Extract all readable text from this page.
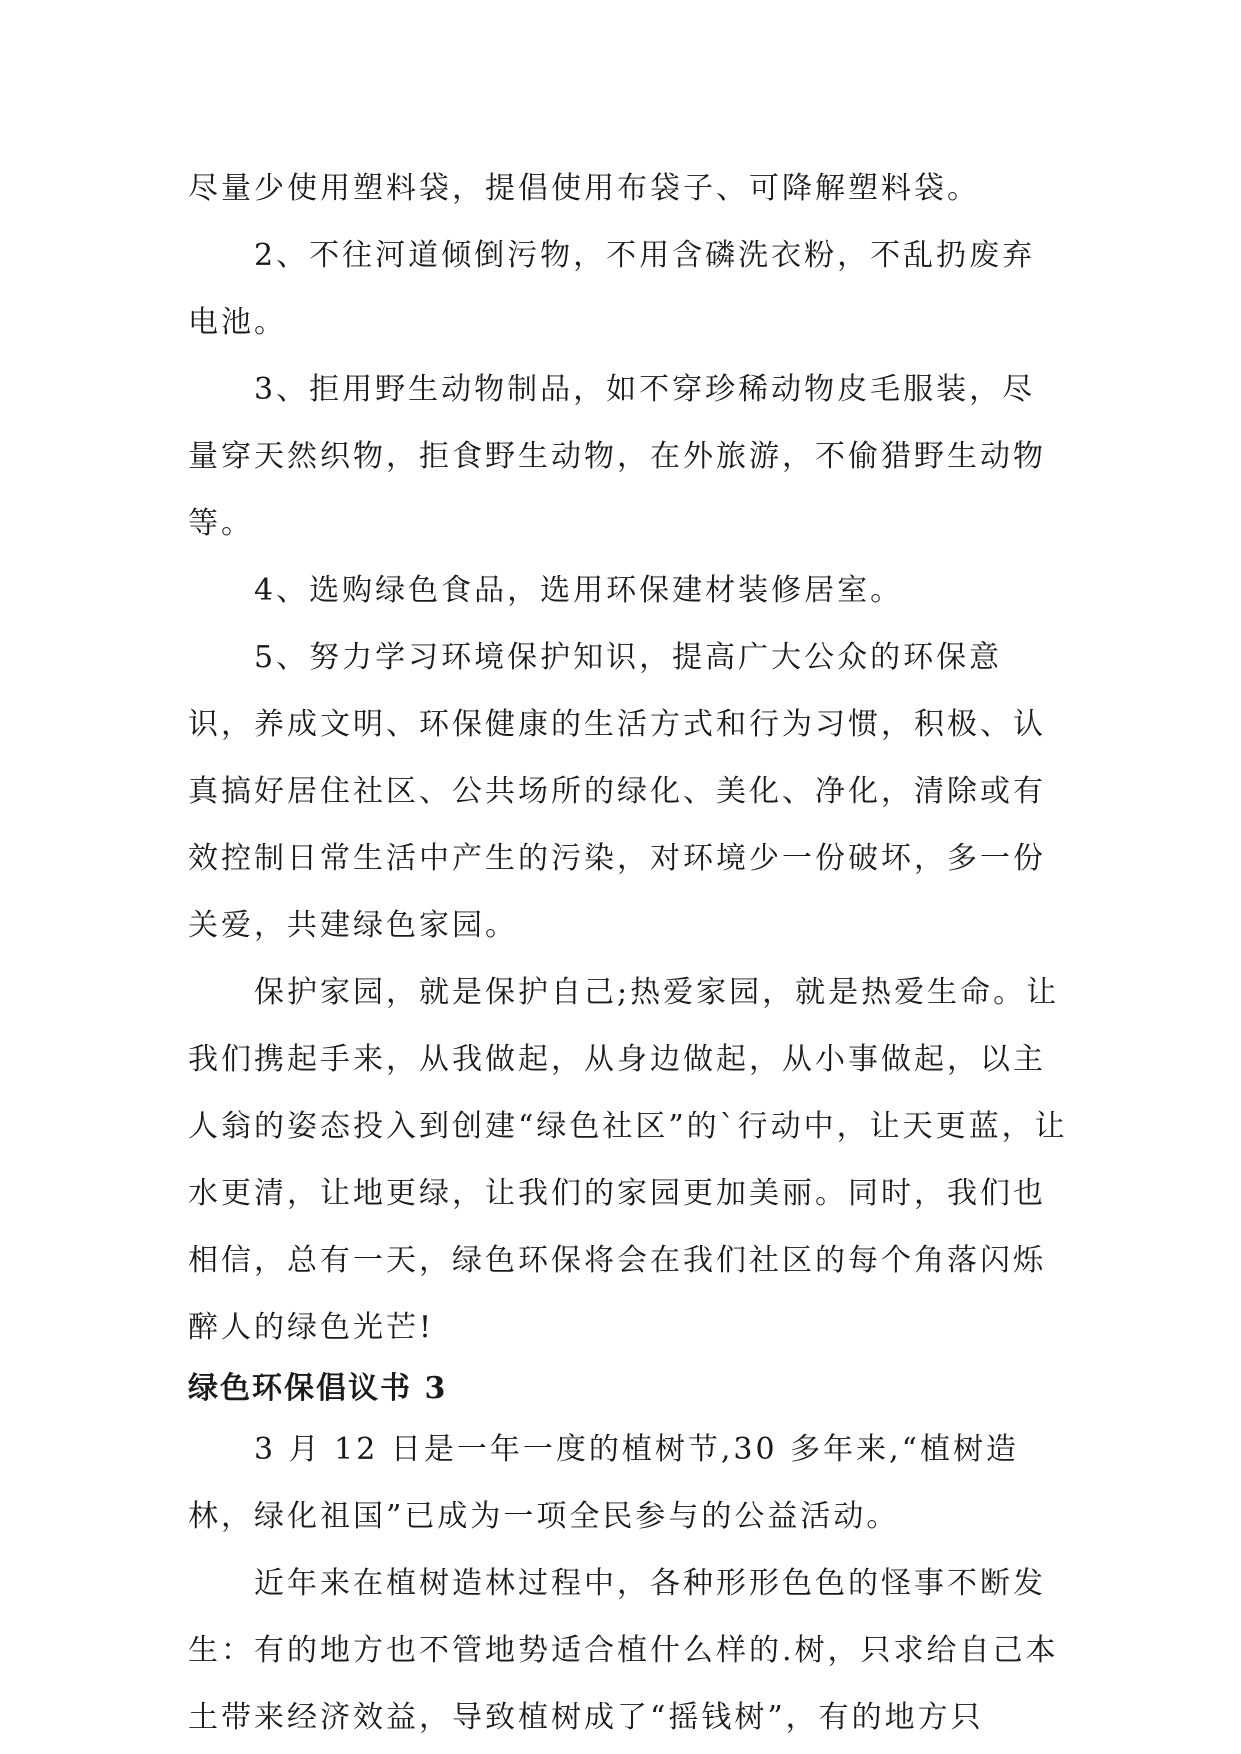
尽量少使用塑料袋，提倡使用布袋子、可降解塑料袋。

2、不往河道倾倒污物，不用含磷洗衣粉，不乱扔废弃电池。

3、拒用野生动物制品，如不穿珍稀动物皮毛服装，尽量穿天然织物，拒食野生动物，在外旅游，不偷猎野生动物等。

4、选购绿色食品，选用环保建材装修居室。

5、努力学习环境保护知识，提高广大公众的环保意识，养成文明、环保健康的生活方式和行为习惯，积极、认真搞好居住社区、公共场所的绿化、美化、净化，清除或有效控制日常生活中产生的污染，对环境少一份破坏，多一份关爱，共建绿色家园。

保护家园，就是保护自己;热爱家园，就是热爱生命。让我们携起手来，从我做起，从身边做起，从小事做起，以主人翁的姿态投入到创建“绿色社区”的`行动中，让天更蓝，让水更清，让地更绿，让我们的家园更加美丽。同时，我们也相信，总有一天，绿色环保将会在我们社区的每个角落闪烁醉人的绿色光芒!

绿色环保倡议书 3

3 月 12 日是一年一度的植树节,30 多年来,“植树造林，绿化祖国”已成为一项全民参与的公益活动。

近年来在植树造林过程中，各种形形色色的怪事不断发生：有的地方也不管地势适合植什么样的.树，只求给自己本土带来经济效益，导致植树成了“摇钱树”，有的地方只
